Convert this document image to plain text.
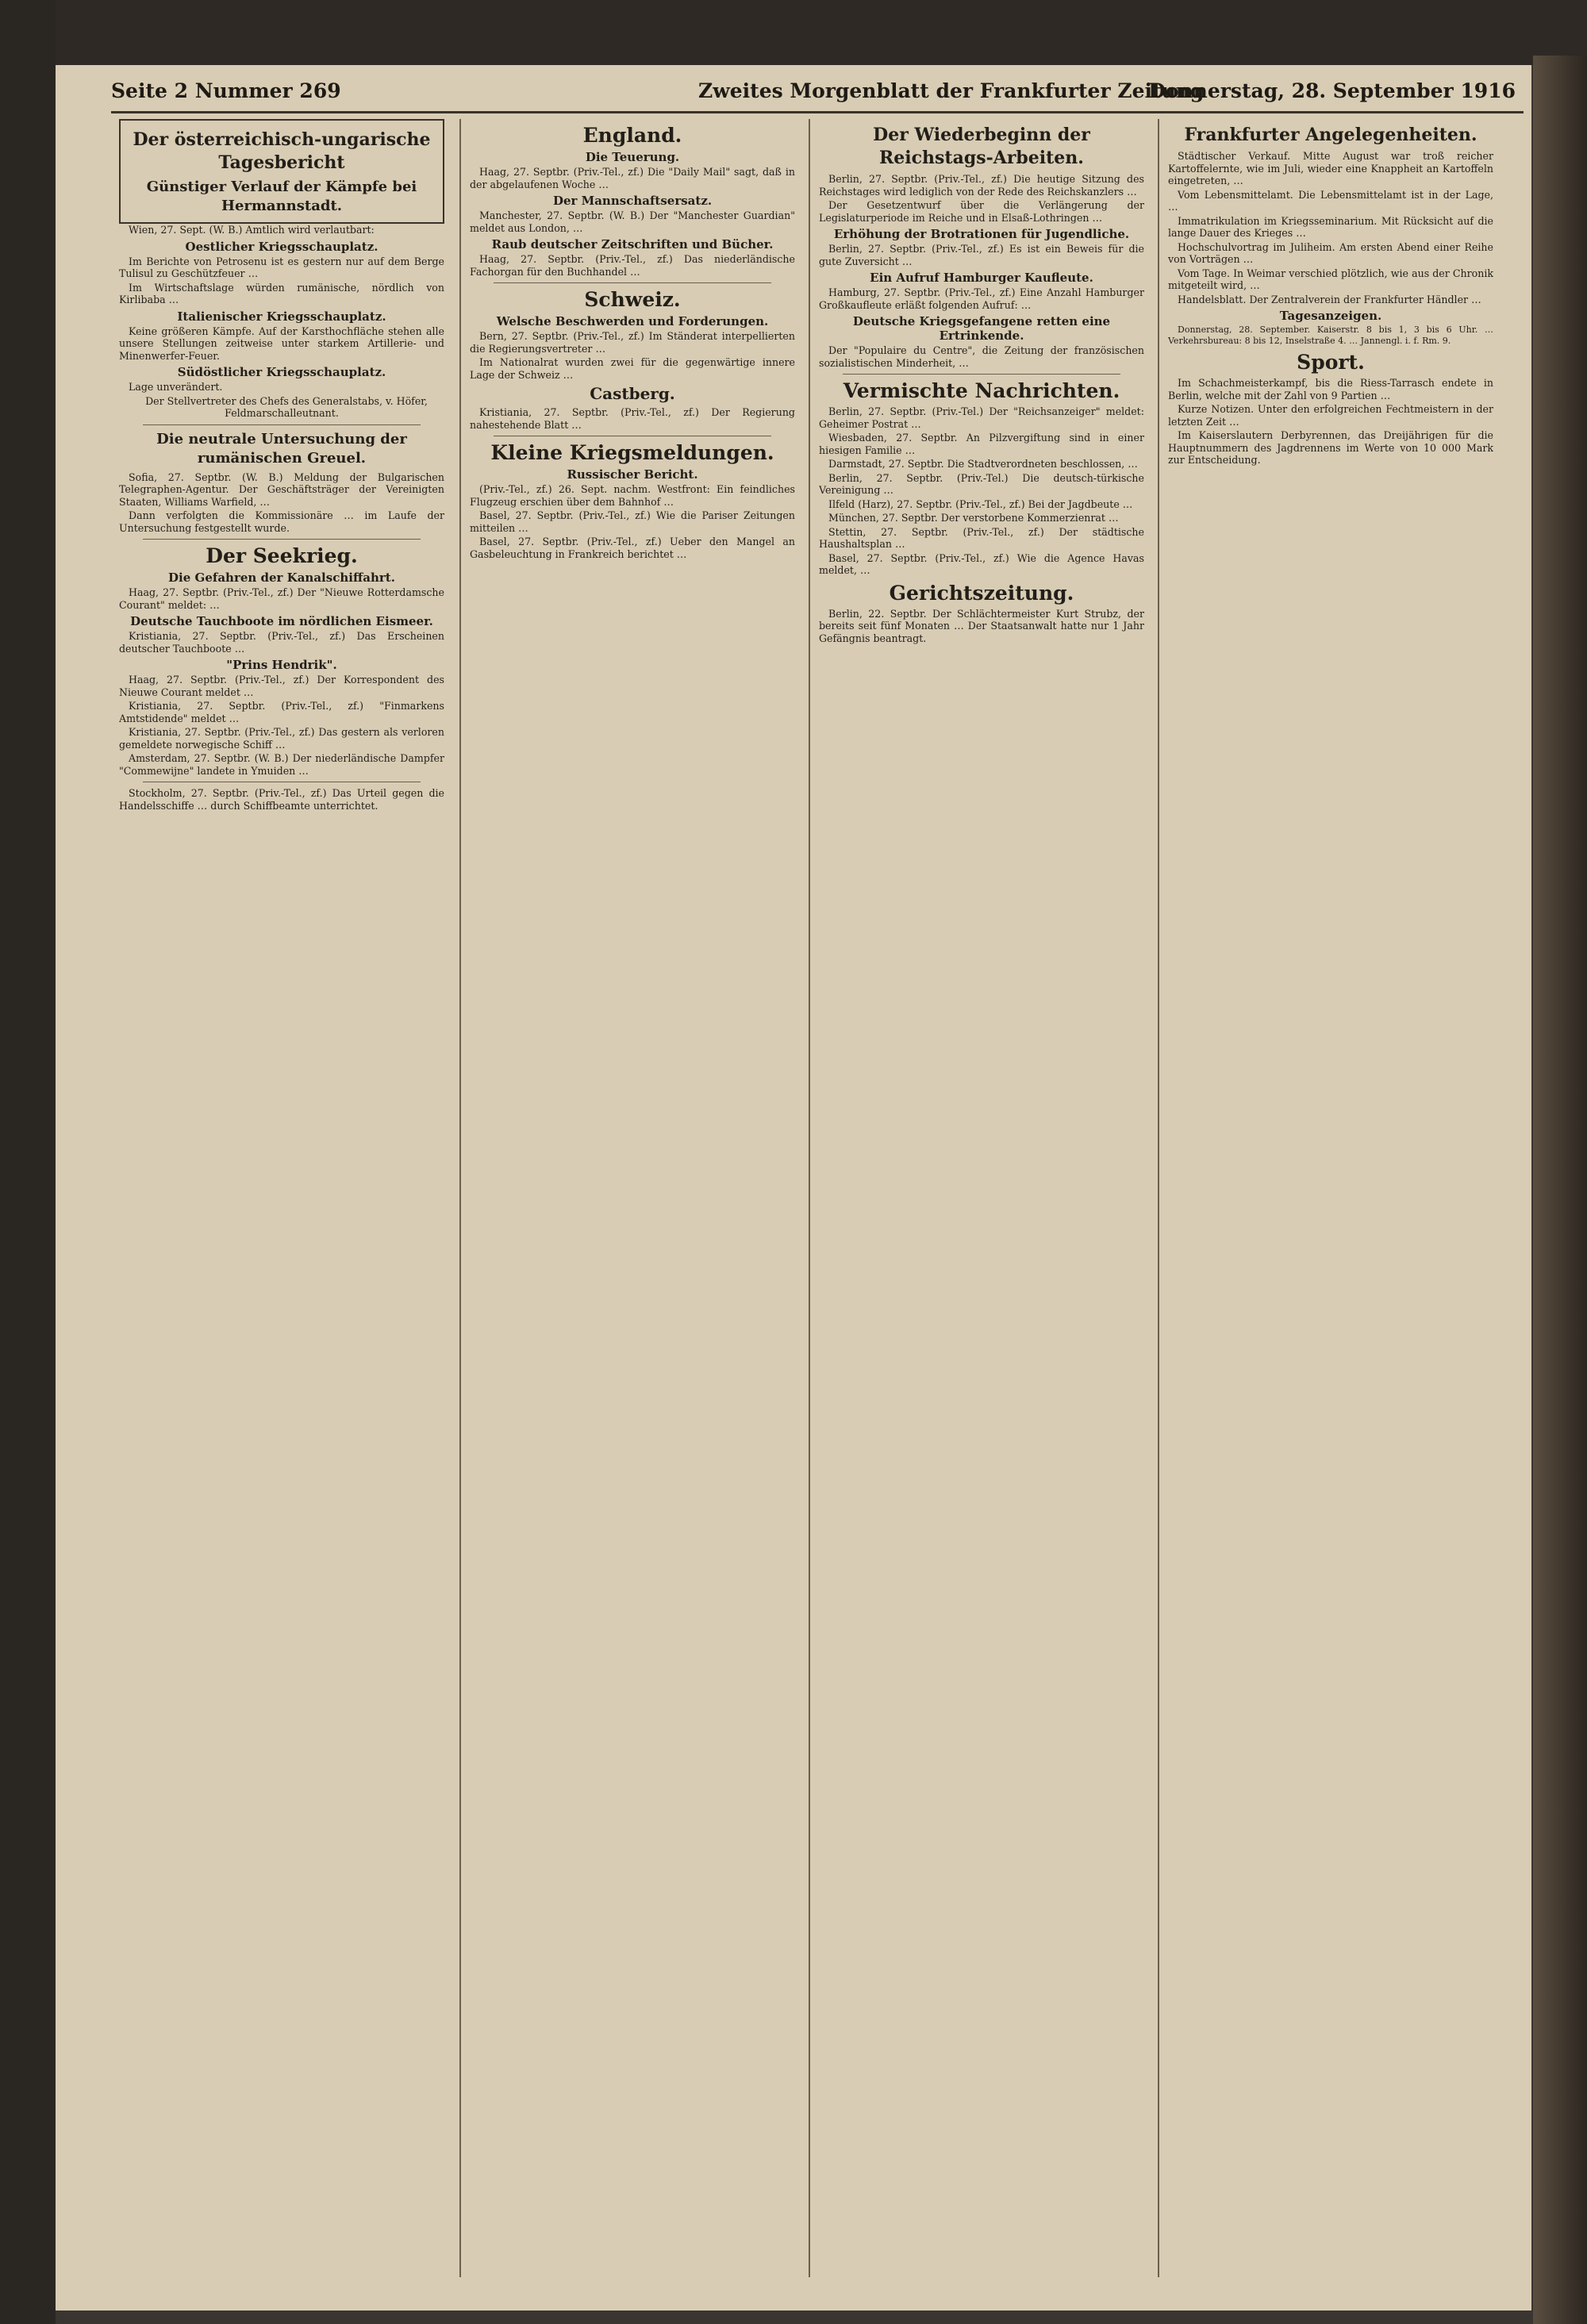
Seite 2 Nummer 269	Zweites Morgenblatt der Frankfurter Zeitung
Donnerstag, 28. September 1916
Der österreichisch-ungarische Tagesbericht
Günstiger Verlauf der Kämpfe bei Hermannstadt.

Wien, 27. Sept. (W. B.) Amtlich wird verlautbart:

Oestlicher Kriegsschauplatz.

Im Berichte von Petrosenu ist es gestern nur auf dem Berge Tulisul zu Geschützfeuer …

Im Wirtschaftslage würden rumänische, nördlich von Kirlibaba …

Italienischer Kriegsschauplatz.

Keine größeren Kämpfe. Auf der Karsthochfläche stehen alle unsere Stellungen zeitweise unter starkem Artillerie- und Minenwerfer-Feuer.

Südöstlicher Kriegsschauplatz.

Lage unverändert.

Der Stellvertreter des Chefs des Generalstabs, v. Höfer, Feldmarschalleutnant.

Die neutrale Untersuchung der rumänischen Greuel.

Sofia, 27. Septbr. (W. B.) Meldung der Bulgarischen Telegraphen-Agentur. Der Geschäftsträger der Vereinigten Staaten, Williams Warfield, …

Dann verfolgten die Kommissionäre … im Laufe der Untersuchung festgestellt wurde.

Der Seekrieg.
Die Gefahren der Kanalschiffahrt.

Haag, 27. Septbr. (Priv.-Tel., zf.) Der "Nieuwe Rotterdamsche Courant" meldet: …

Deutsche Tauchboote im nördlichen Eismeer.

Kristiania, 27. Septbr. (Priv.-Tel., zf.) Das Erscheinen deutscher Tauchboote …

"Prins Hendrik".

Haag, 27. Septbr. (Priv.-Tel., zf.) Der Korrespondent des Nieuwe Courant meldet …

Kristiania, 27. Septbr. (Priv.-Tel., zf.) "Finmarkens Amtstidende" meldet …

Kristiania, 27. Septbr. (Priv.-Tel., zf.) Das gestern als verloren gemeldete norwegische Schiff …

Amsterdam, 27. Septbr. (W. B.) Der niederländische Dampfer "Commewijne" landete in Ymuiden …

Stockholm, 27. Septbr. (Priv.-Tel., zf.) Das Urteil gegen die Handelsschiffe … durch Schiffbeamte unterrichtet.

England.
Die Teuerung.

Haag, 27. Septbr. (Priv.-Tel., zf.) Die "Daily Mail" sagt, daß in der abgelaufenen Woche …

Der Mannschaftsersatz.

Manchester, 27. Septbr. (W. B.) Der "Manchester Guardian" meldet aus London, …

Raub deutscher Zeitschriften und Bücher.

Haag, 27. Septbr. (Priv.-Tel., zf.) Das niederländische Fachorgan für den Buchhandel …

Schweiz.
Welsche Beschwerden und Forderungen.

Bern, 27. Septbr. (Priv.-Tel., zf.) Im Ständerat interpellierten die Regierungsvertreter …

Im Nationalrat wurden zwei für die gegenwärtige innere Lage der Schweiz …

Castberg.

Kristiania, 27. Septbr. (Priv.-Tel., zf.) Der Regierung nahestehende Blatt …

Kleine Kriegsmeldungen.
Russischer Bericht.

(Priv.-Tel., zf.) 26. Sept. nachm. Westfront: Ein feindliches Flugzeug erschien über dem Bahnhof …

Basel, 27. Septbr. (Priv.-Tel., zf.) Wie die Pariser Zeitungen mitteilen …

Basel, 27. Septbr. (Priv.-Tel., zf.) Ueber den Mangel an Gasbeleuchtung in Frankreich berichtet …

Der Wiederbeginn der Reichstags-Arbeiten.

Berlin, 27. Septbr. (Priv.-Tel., zf.) Die heutige Sitzung des Reichstages wird lediglich von der Rede des Reichskanzlers …

Der Gesetzentwurf über die Verlängerung der Legislaturperiode im Reiche und in Elsaß-Lothringen …

Erhöhung der Brotrationen für Jugendliche.

Berlin, 27. Septbr. (Priv.-Tel., zf.) Es ist ein Beweis für die gute Zuversicht …

Ein Aufruf Hamburger Kaufleute.

Hamburg, 27. Septbr. (Priv.-Tel., zf.) Eine Anzahl Hamburger Großkaufleute erläßt folgenden Aufruf: …

Deutsche Kriegsgefangene retten eine Ertrinkende.

Der "Populaire du Centre", die Zeitung der französischen sozialistischen Minderheit, …

Vermischte Nachrichten.

Berlin, 27. Septbr. (Priv.-Tel.) Der "Reichsanzeiger" meldet: Geheimer Postrat …

Wiesbaden, 27. Septbr. An Pilzvergiftung sind in einer hiesigen Familie …

Darmstadt, 27. Septbr. Die Stadtverordneten beschlossen, …

Berlin, 27. Septbr. (Priv.-Tel.) Die deutsch-türkische Vereinigung …

Ilfeld (Harz), 27. Septbr. (Priv.-Tel., zf.) Bei der Jagdbeute …

München, 27. Septbr. Der verstorbene Kommerzienrat …

Stettin, 27. Septbr. (Priv.-Tel., zf.) Der städtische Haushaltsplan …

Basel, 27. Septbr. (Priv.-Tel., zf.) Wie die Agence Havas meldet, …

Gerichtszeitung.

Berlin, 22. Septbr. Der Schlächtermeister Kurt Strubz, der bereits seit fünf Monaten … Der Staatsanwalt hatte nur 1 Jahr Gefängnis beantragt.

Frankfurter Angelegenheiten.

Städtischer Verkauf. Mitte August war troß reicher Kartoffelernte, wie im Juli, wieder eine Knappheit an Kartoffeln eingetreten, …

Vom Lebensmittelamt. Die Lebensmittelamt ist in der Lage, …

Immatrikulation im Kriegsseminarium. Mit Rücksicht auf die lange Dauer des Krieges …

Hochschulvortrag im Juliheim. Am ersten Abend einer Reihe von Vorträgen …

Vom Tage. In Weimar verschied plötzlich, wie aus der Chronik mitgeteilt wird, …

Handelsblatt. Der Zentralverein der Frankfurter Händler …

Tagesanzeigen.

Donnerstag, 28. September. Kaiserstr. 8 bis 1, 3 bis 6 Uhr. … Verkehrsbureau: 8 bis 12, Inselstraße 4. … Jannengl. i. f. Rm. 9.

Sport.

Im Schachmeisterkampf, bis die Riess-Tarrasch endete in Berlin, welche mit der Zahl von 9 Partien …

Kurze Notizen. Unter den erfolgreichen Fechtmeistern in der letzten Zeit …

Im Kaiserslautern Derbyrennen, das Dreijährigen für die Hauptnummern des Jagdrennens im Werte von 10 000 Mark zur Entscheidung.
